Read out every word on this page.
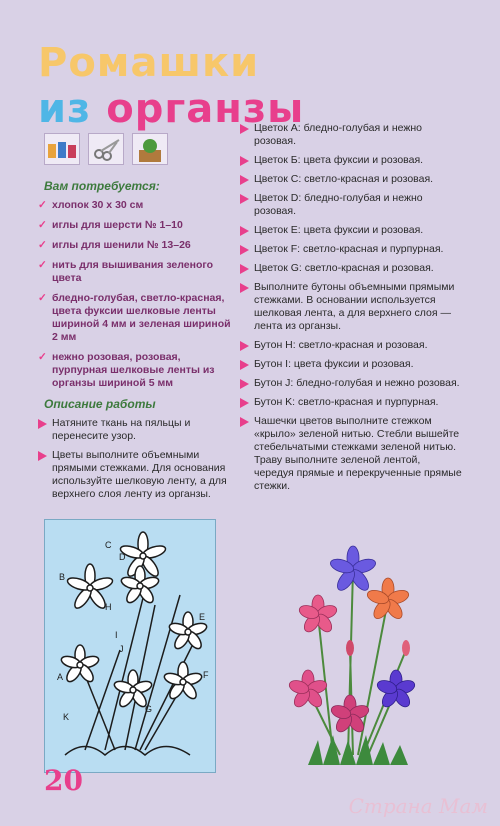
Ромашки
из органзы
Вам потребуется:
✓ хлопок 30 х 30 см
✓ иглы для шерсти № 1–10
✓ иглы для шенили № 13–26
✓ нить для вышивания зеленого цвета
✓ бледно-голубая, светло-красная, цвета фуксии шелковые ленты шириной 4 мм и зеленая шириной 2 мм
✓ нежно розовая, розовая, пурпурная шелковые ленты из органзы шириной 5 мм
Описание работы
Натяните ткань на пяльцы и перенесите узор.
Цветы выполните объемными прямыми стежками. Для основания используйте шелковую ленту, а для верхнего слоя ленту из органзы.
Цветок А: бледно-голубая и нежно розовая.
Цветок Б: цвета фуксии и розовая.
Цветок C: светло-красная и розовая.
Цветок D: бледно-голубая и нежно розовая.
Цветок E: цвета фуксии и розовая.
Цветок F: светло-красная и пурпурная.
Цветок G: светло-красная и розовая.
Выполните бутоны объемными прямыми стежками. В основании используется шелковая лента, а для верхнего слоя — лента из органзы.
Бутон H: светло-красная и розовая.
Бутон I: цвета фуксии и розовая.
Бутон J: бледно-голубая и нежно розовая.
Бутон K: светло-красная и пурпурная.
Чашечки цветов выполните стежком «крыло» зеленой нитью. Стебли вышейте стебельчатыми стежками зеленой нитью. Траву выполните зеленой лентой, чередуя прямые и перекрученные прямые стежки.
C
B
E
I
H
J
F
A
G
K
D
20
Страна Мам
